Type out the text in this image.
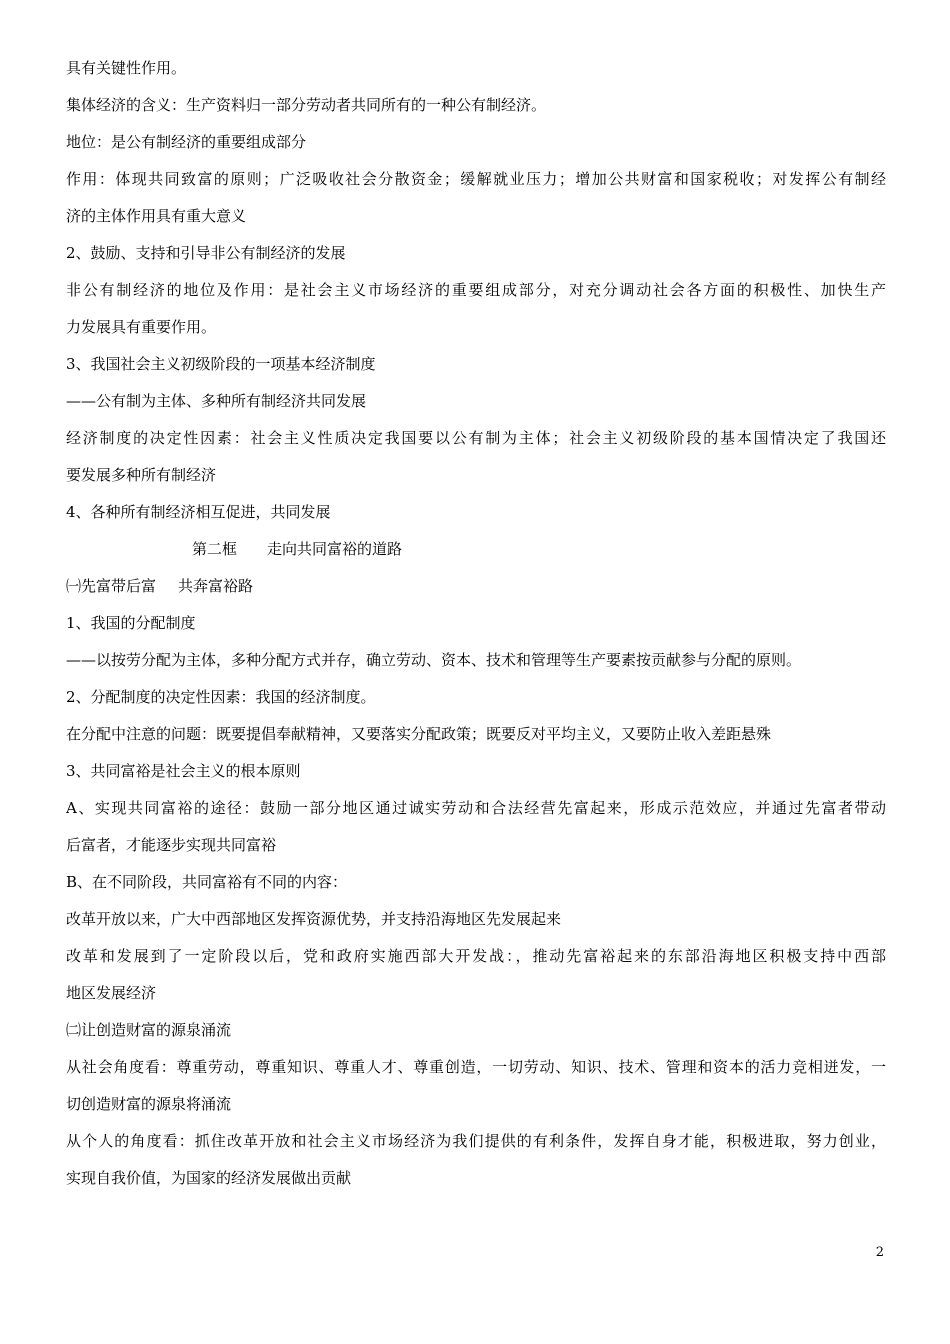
具有关键性作用。

集体经济的含义：生产资料归一部分劳动者共同所有的一种公有制经济。

地位：是公有制经济的重要组成部分

作用：体现共同致富的原则；广泛吸收社会分散资金；缓解就业压力；增加公共财富和国家税收；对发挥公有制经

济的主体作用具有重大意义

2、鼓励、支持和引导非公有制经济的发展

非公有制经济的地位及作用：是社会主义市场经济的重要组成部分，对充分调动社会各方面的积极性、加快生产

力发展具有重要作用。

3、我国社会主义初级阶段的一项基本经济制度

——公有制为主体、多种所有制经济共同发展

经济制度的决定性因素：社会主义性质决定我国要以公有制为主体；社会主义初级阶段的基本国情决定了我国还

要发展多种所有制经济

4、各种所有制经济相互促进，共同发展

第二框 走向共同富裕的道路

㈠先富带后富 共奔富裕路

1、我国的分配制度

——以按劳分配为主体，多种分配方式并存，确立劳动、资本、技术和管理等生产要素按贡献参与分配的原则。

2、分配制度的决定性因素：我国的经济制度。

在分配中注意的问题：既要提倡奉献精神，又要落实分配政策；既要反对平均主义，又要防止收入差距悬殊

3、共同富裕是社会主义的根本原则

A、实现共同富裕的途径：鼓励一部分地区通过诚实劳动和合法经营先富起来，形成示范效应，并通过先富者带动

后富者，才能逐步实现共同富裕

B、在不同阶段，共同富裕有不同的内容：

改革开放以来，广大中西部地区发挥资源优势，并支持沿海地区先发展起来

改革和发展到了一定阶段以后，党和政府实施西部大开发战：，推动先富裕起来的东部沿海地区积极支持中西部

地区发展经济

㈡让创造财富的源泉涌流

从社会角度看：尊重劳动，尊重知识、尊重人才、尊重创造，一切劳动、知识、技术、管理和资本的活力竞相迸发，一

切创造财富的源泉将涌流

从个人的角度看：抓住改革开放和社会主义市场经济为我们提供的有利条件，发挥自身才能，积极进取，努力创业，

实现自我价值，为国家的经济发展做出贡献

2
